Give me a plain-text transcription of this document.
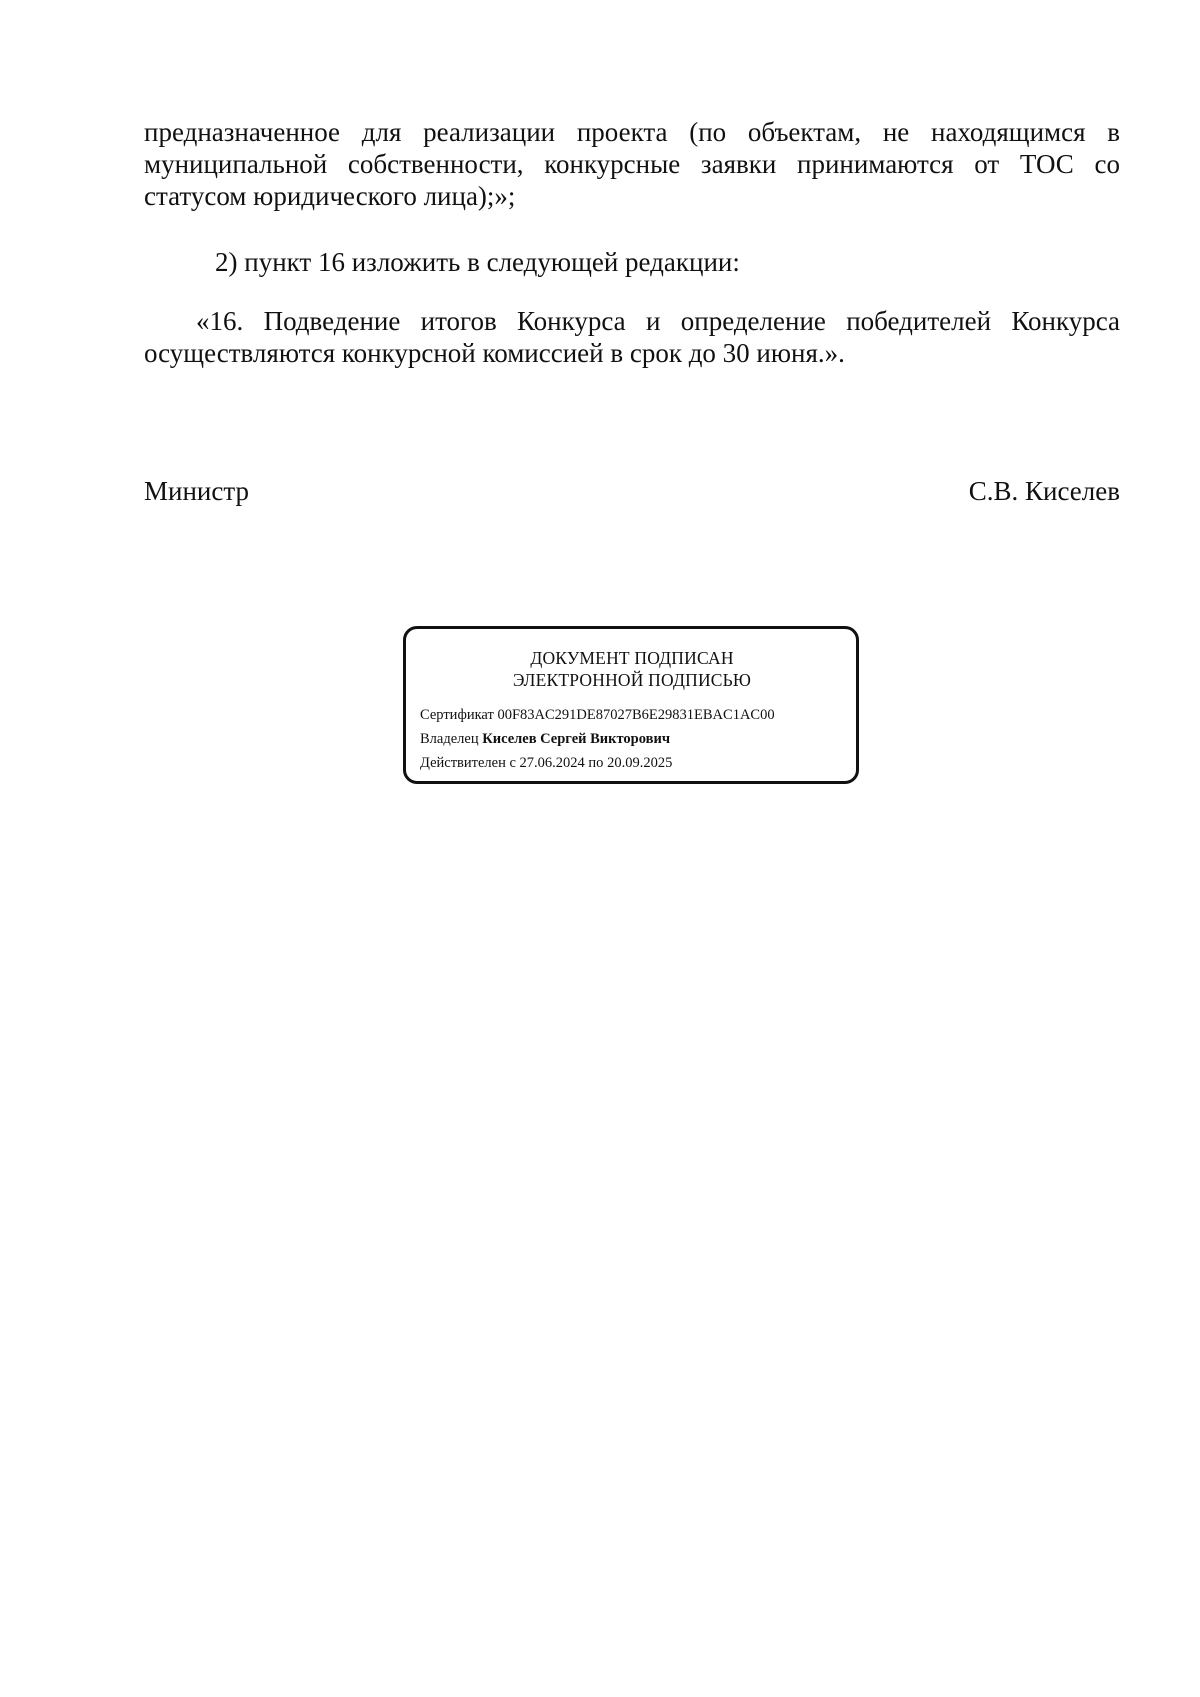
предназначенное для реализации проекта (по объектам, не находящимся в муниципальной собственности, конкурсные заявки принимаются от ТОС со статусом юридического лица);»;

2) пункт 16 изложить в следующей редакции:

«16. Подведение итогов Конкурса и определение победителей Конкурса осуществляются конкурсной комиссией в срок до 30 июня.».

Министр	С.В. Киселев
ДОКУМЕНТ ПОДПИСАН
ЭЛЕКТРОННОЙ ПОДПИСЬЮ
Сертификат 00F83AC291DE87027B6E29831EBAC1AC00
Владелец Киселев Сергей Викторович
Действителен с 27.06.2024 по 20.09.2025
